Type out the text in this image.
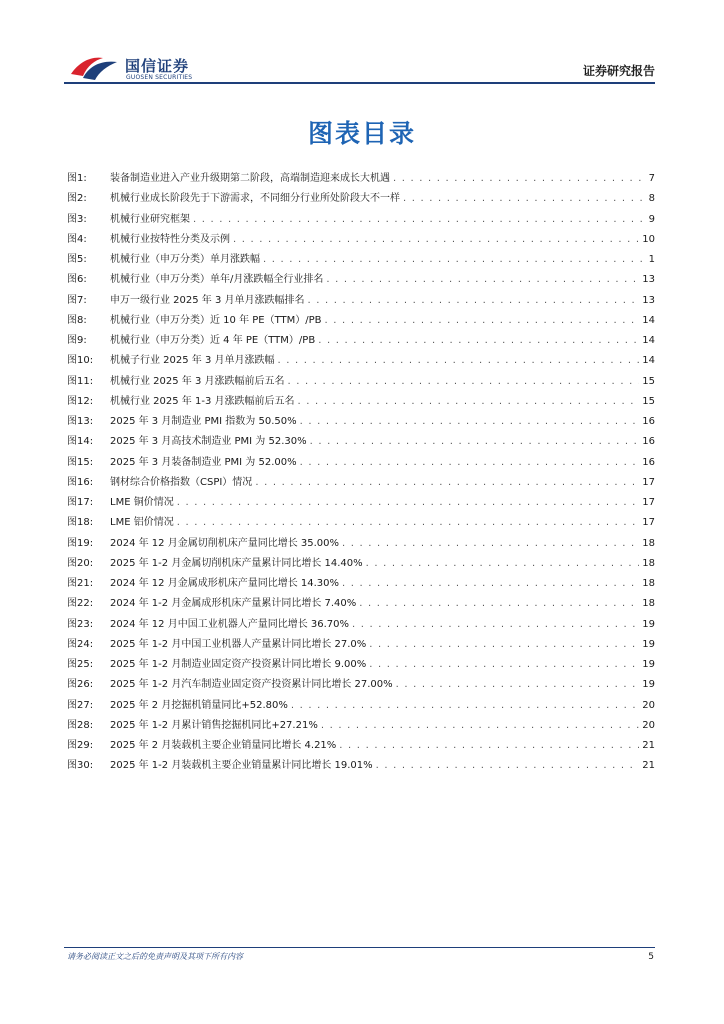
国信证券
GUOSEN SECURITIES	证券研究报告
图表目录
图1:	装备制造业进入产业升级期第二阶段，高端制造迎来成长大机遇 . . .	7
图2:	机械行业成长阶段先于下游需求，不同细分行业所处阶段大不一样 . . .	8
图3:	机械行业研究框架 . . .	9
图4:	机械行业按特性分类及示例 . . .	10
图5:	机械行业（申万分类）单月涨跌幅 . . .	1
图6:	机械行业（申万分类）单年/月涨跌幅全行业排名 . . .	13
图7:	申万一级行业 2025 年 3 月单月涨跌幅排名 . . .	13
图8:	机械行业（申万分类）近 10 年 PE（TTM）/PB . . .	14
图9:	机械行业（申万分类）近 4 年 PE（TTM）/PB . . .	14
图10:	机械子行业 2025 年 3 月单月涨跌幅 . . .	14
图11:	机械行业 2025 年 3 月涨跌幅前后五名 . . .	15
图12:	机械行业 2025 年 1-3 月涨跌幅前后五名 . . .	15
图13:	2025 年 3 月制造业 PMI 指数为 50.50% . . .	16
图14:	2025 年 3 月高技术制造业 PMI 为 52.30% . . .	16
图15:	2025 年 3 月装备制造业 PMI 为 52.00% . . .	16
图16:	钢材综合价格指数（CSPI）情况 . . .	17
图17:	LME 铜价情况 . . .	17
图18:	LME 铝价情况 . . .	17
图19:	2024 年 12 月金属切削机床产量同比增长 35.00% . . .	18
图20:	2025 年 1-2 月金属切削机床产量累计同比增长 14.40% . . .	18
图21:	2024 年 12 月金属成形机床产量同比增长 14.30% . . .	18
图22:	2024 年 1-2 月金属成形机床产量累计同比增长 7.40% . . .	18
图23:	2024 年 12 月中国工业机器人产量同比增长 36.70% . . .	19
图24:	2025 年 1-2 月中国工业机器人产量累计同比增长 27.0% . . .	19
图25:	2025 年 1-2 月制造业固定资产投资累计同比增长 9.00% . . .	19
图26:	2025 年 1-2 月汽车制造业固定资产投资累计同比增长 27.00% . . .	19
图27:	2025 年 2 月挖掘机销量同比+52.80% . . .	20
图28:	2025 年 1-2 月累计销售挖掘机同比+27.21% . . .	20
图29:	2025 年 2 月装载机主要企业销量同比增长 4.21% . . .	21
图30:	2025 年 1-2 月装载机主要企业销量累计同比增长 19.01% . . .	21
请务必阅读正文之后的免责声明及其项下所有内容	5
